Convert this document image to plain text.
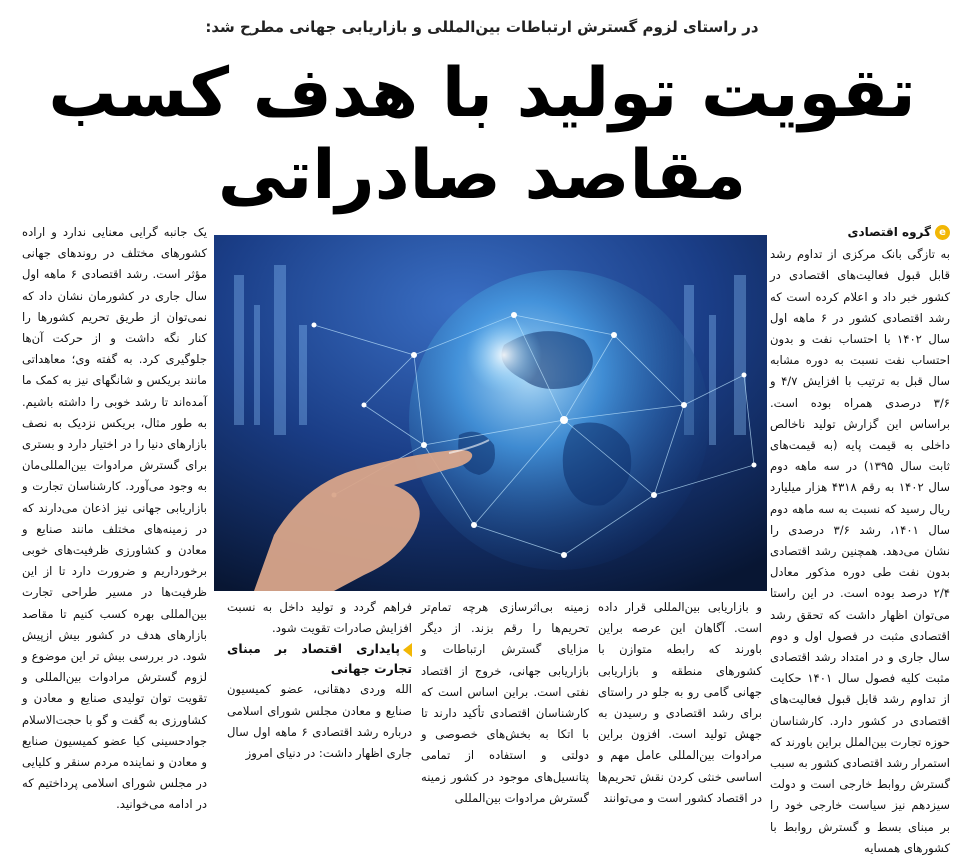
در راستای لزوم گسترش ارتباطات بین‌المللی و بازاریابی جهانی مطرح شد:
تقویت تولید با هدف کسب
مقاصد صادراتی
e
گروه اقتصادی

به تازگی بانک مرکزی از تداوم رشد قابل قبول فعالیت‌های اقتصادی در کشور خبر داد و اعلام کرده است که رشد اقتصادی کشور در ۶ ماهه اول سال ۱۴۰۲ با احتساب نفت و بدون احتساب نفت نسبت به دوره مشابه سال قبل به ترتیب با افزایش ۴/۷ و ۳/۶ درصدی همراه بوده است. براساس این گزارش تولید ناخالص داخلی به قیمت پایه (به قیمت‌های ثابت سال ۱۳۹۵) در سه ماهه دوم سال ۱۴۰۲ به رقم ۴۳۱۸ هزار میلیارد ریال رسید که نسبت به سه ماهه دوم سال ۱۴۰۱، رشد ۳/۶ درصدی را نشان می‌دهد. همچنین رشد اقتصادی بدون نفت طی دوره مذکور معادل ۲/۴ درصد بوده است. در این راستا می‌توان اظهار داشت که تحقق رشد اقتصادی مثبت در فصول اول و دوم سال جاری و در امتداد رشد اقتصادی مثبت کلیه فصول سال ۱۴۰۱ حکایت از تداوم رشد قابل قبول فعالیت‌های اقتصادی در کشور دارد. کارشناسان حوزه تجارت بین‌الملل براین باورند که استمرار رشد اقتصادی کشور به سبب گسترش روابط خارجی است و دولت سیزدهم نیز سیاست خارجی خود را بر مبنای بسط و گسترش روابط با کشورهای همسایه

و بازاریابی بین‌المللی قرار داده است. آگاهان این عرصه براین باورند که رابطه متوازن با کشورهای منطقه و بازاریابی جهانی گامی رو به جلو در راستای برای رشد اقتصادی و رسیدن به جهش تولید است. افزون براین مرادوات بین‌المللی عامل مهم و اساسی خنثی کردن نقش تحریم‌ها در اقتصاد کشور است و می‌توانند

زمینه بی‌اثرسازی هرچه تمام‌تر تحریم‌ها را رقم بزند. از دیگر مزایای گسترش ارتباطات و بازاریابی جهانی، خروج از اقتصاد نفتی است. براین اساس است که کارشناسان اقتصادی تأکید دارند تا با اتکا به بخش‌های خصوصی و دولتی و استفاده از تمامی پتانسیل‌های موجود در کشور زمینه گسترش مرادوات بین‌المللی

فراهم گردد و تولید داخل به نسبت افزایش صادرات تقویت شود.

پایداری اقتصاد بر مبنای تجارت جهانی

الله وردی دهقانی، عضو کمیسیون صنایع و معادن مجلس شورای اسلامی درباره رشد اقتصادی ۶ ماهه اول سال جاری اظهار داشت: در دنیای امروز

یک جانبه گرایی معنایی ندارد و اراده کشورهای مختلف در روندهای جهانی مؤثر است. رشد اقتصادی ۶ ماهه اول سال جاری در کشورمان نشان داد که نمی‌توان از طریق تحریم کشورها را کنار نگه داشت و از حرکت آن‌ها جلوگیری کرد. به گفته وی؛ معاهداتی مانند بریکس و شانگهای نیز به کمک ما آمده‌اند تا رشد خوبی را داشته باشیم. به طور مثال، بریکس نزدیک به نصف بازارهای دنیا را در اختیار دارد و بستری برای گسترش مرادوات بین‌المللی‌مان به وجود می‌آورد. کارشناسان تجارت و بازاریابی جهانی نیز اذعان می‌دارند که در زمینه‌های مختلف مانند صنایع و معادن و کشاورزی ظرفیت‌های خوبی برخورداریم و ضرورت دارد تا از این ظرفیت‌ها در مسیر طراحی تجارت بین‌المللی بهره کسب کنیم تا مقاصد بازارهای هدف در کشور بیش ازپیش شود. در بررسی بیش تر این موضوع و لزوم گسترش مرادوات بین‌المللی و تقویت توان تولیدی صنایع و معادن و کشاورزی به گفت و گو با حجت‌الاسلام جوادحسینی کیا عضو کمیسیون صنایع و معادن و نماینده مردم سنقر و کلیایی در مجلس شورای اسلامی پرداختیم که در ادامه می‌خوانید.
